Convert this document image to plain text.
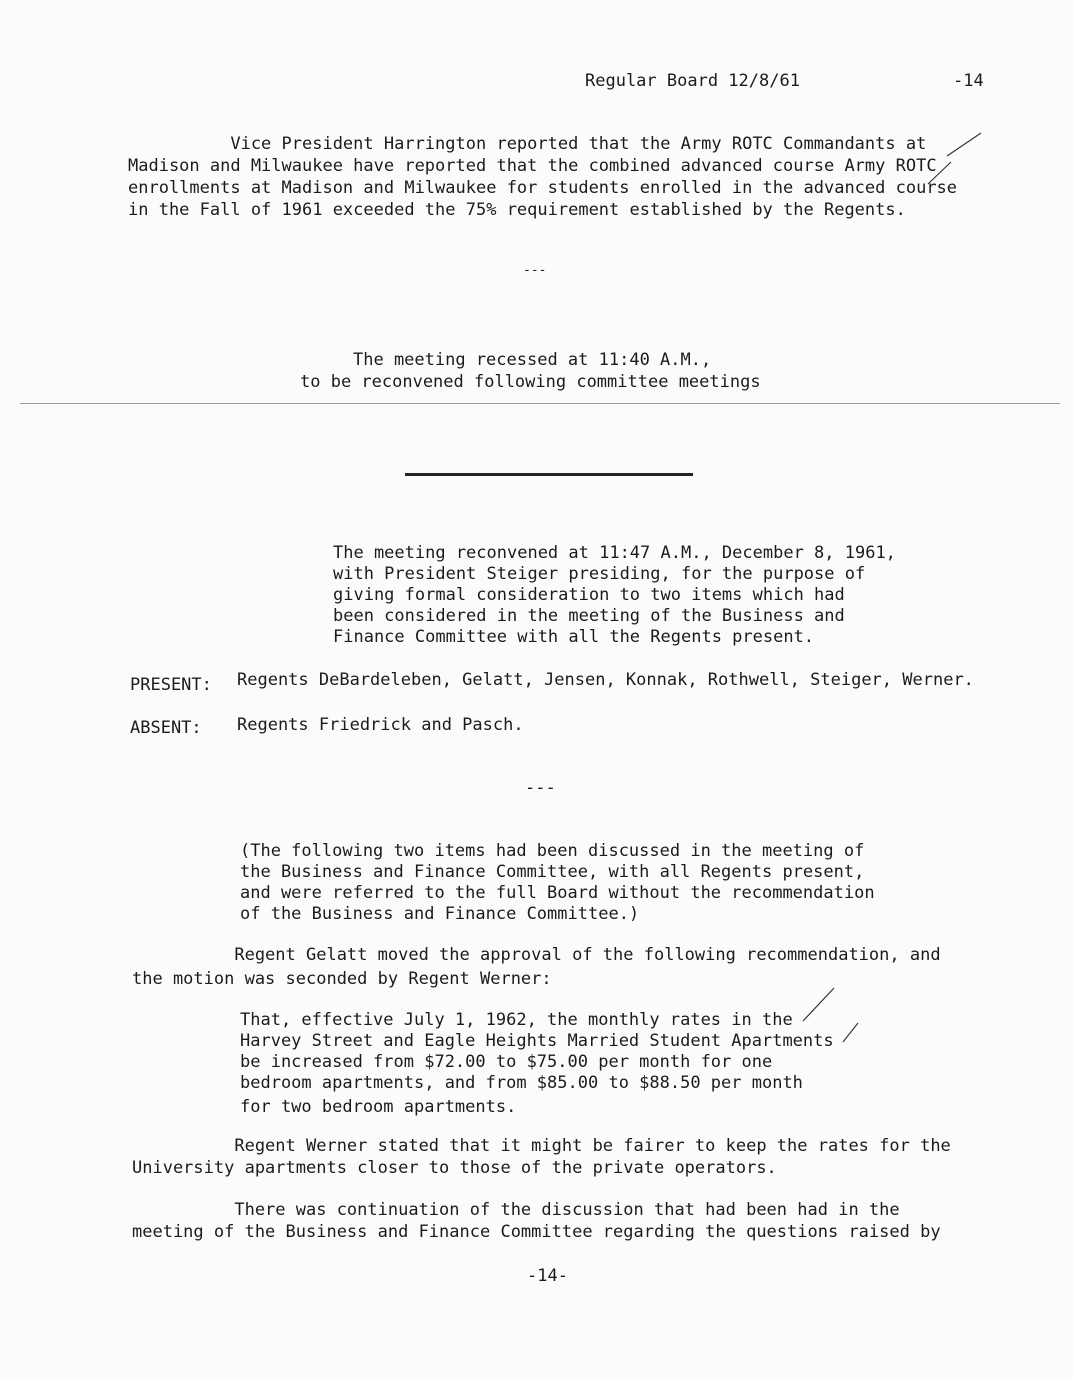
Regular Board 12/8/61	-14
Vice President Harrington reported that the Army ROTC Commandants at
Madison and Milwaukee have reported that the combined advanced course Army ROTC
enrollments at Madison and Milwaukee for students enrolled in the advanced course
in the Fall of 1961 exceeded the 75% requirement established by the Regents.
---
The meeting recessed at 11:40 A.M.,
to be reconvened following committee meetings
The meeting reconvened at 11:47 A.M., December 8, 1961,
with President Steiger presiding, for the purpose of
giving formal consideration to two items which had
been considered in the meeting of the Business and
Finance Committee with all the Regents present.
PRESENT: Regents DeBardeleben, Gelatt, Jensen, Konnak, Rothwell, Steiger, Werner.
ABSENT: Regents Friedrick and Pasch.
---
(The following two items had been discussed in the meeting of
the Business and Finance Committee, with all Regents present,
and were referred to the full Board without the recommendation
of the Business and Finance Committee.)
Regent Gelatt moved the approval of the following recommendation, and
the motion was seconded by Regent Werner:
That, effective July 1, 1962, the monthly rates in the
Harvey Street and Eagle Heights Married Student Apartments
be increased from $72.00 to $75.00 per month for one
bedroom apartments, and from $85.00 to $88.50 per month
for two bedroom apartments.
Regent Werner stated that it might be fairer to keep the rates for the
University apartments closer to those of the private operators.
There was continuation of the discussion that had been had in the
meeting of the Business and Finance Committee regarding the questions raised by
-14-
